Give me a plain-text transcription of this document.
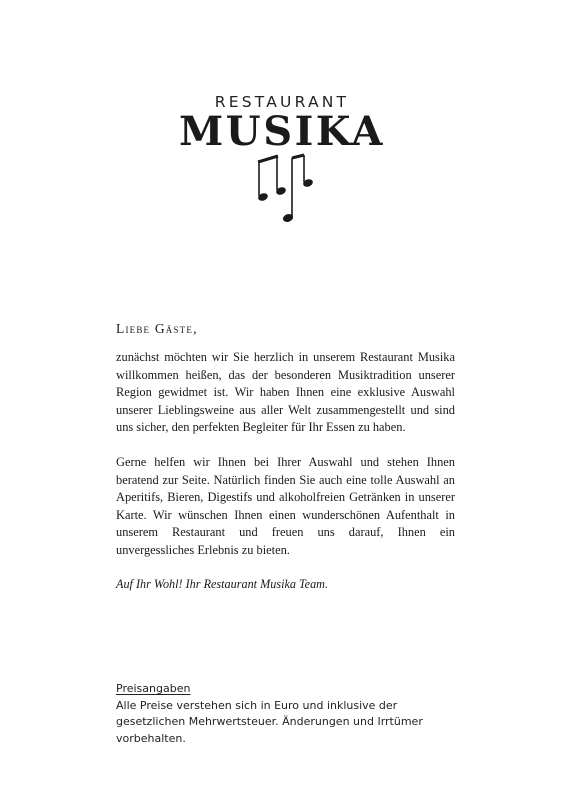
RESTAURANT
MUSIKA

Liebe Gäste,

zunächst möchten wir Sie herzlich in unserem Restaurant Musika willkommen heißen, das der besonderen Musiktradition unserer Region gewidmet ist. Wir haben Ihnen eine exklusive Auswahl unserer Lieblingsweine aus aller Welt zusammengestellt und sind uns sicher, den perfekten Begleiter für Ihr Essen zu haben.

Gerne helfen wir Ihnen bei Ihrer Auswahl und stehen Ihnen beratend zur Seite. Natürlich finden Sie auch eine tolle Auswahl an Aperitifs, Bieren, Digestifs und alkoholfreien Getränken in unserer Karte. Wir wünschen Ihnen einen wunderschönen Aufenthalt in unserem Restaurant und freuen uns darauf, Ihnen ein unvergessliches Erlebnis zu bieten.

Auf Ihr Wohl! Ihr Restaurant Musika Team.

Preisangaben
Alle Preise verstehen sich in Euro und inklusive der gesetzlichen Mehrwertsteuer. Änderungen und Irrtümer vorbehalten.
